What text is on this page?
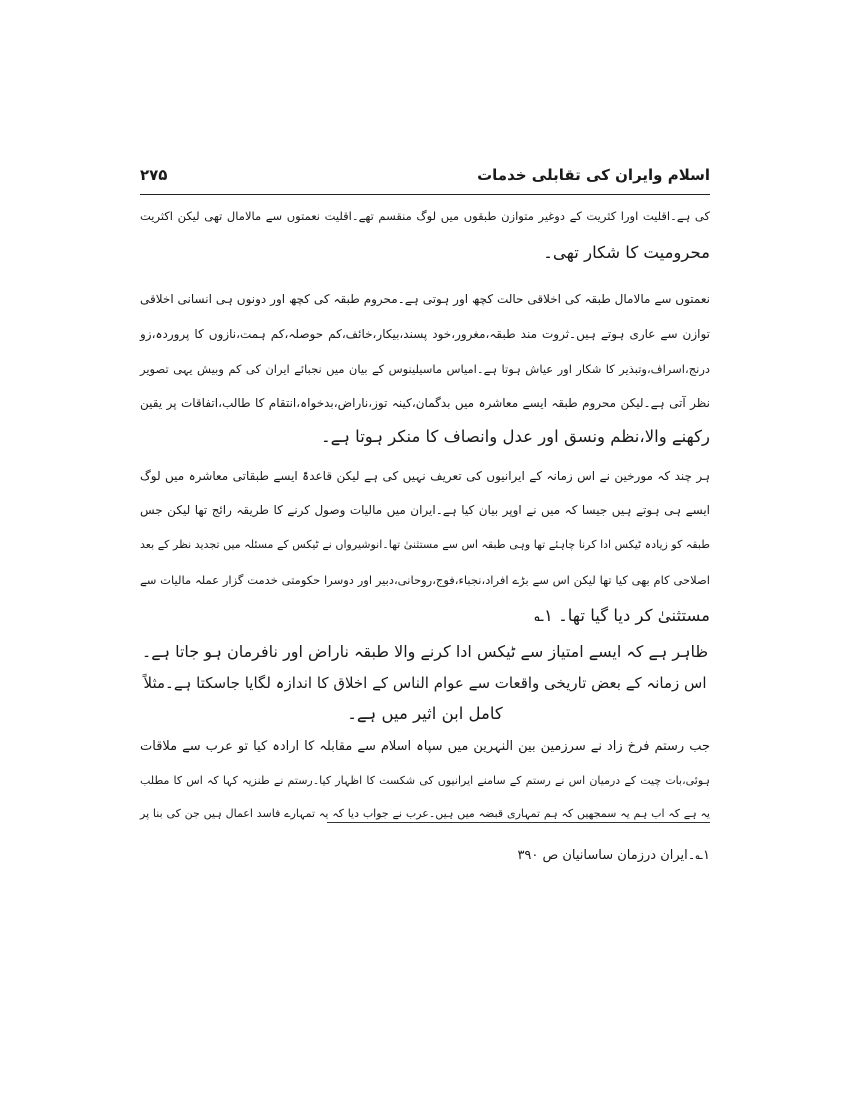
اسلام وایران کی تقابلی خدمات
۲۷۵
کی ہے۔اقلیت اورا کثریت کے دوغیر متوازن طبقوں میں لوگ منقسم تھے۔اقلیت نعمتوں سے مالامال تھی لیکن اکثریت
محرومیت کا شکار تھی۔
نعمتوں سے مالامال طبقہ کی اخلاقی حالت کچھ اور ہوتی ہے۔محروم طبقہ کی کچھ اور دونوں ہی انسانی اخلاقی
توازن سے عاری ہوتے ہیں۔ثروت مند طبقہ،مغرور،خود پسند،بیکار،خائف،کم حوصلہ،کم ہمت،نازوں کا پروردہ،زو
درنج،اسراف،وتبذیر کا شکار اور عیاش ہوتا ہے۔امیاس ماسیلینوس کے بیان میں نجبائے ایران کی کم وبیش یہی تصویر
نظر آتی ہے۔لیکن محروم طبقہ ایسے معاشرہ میں بدگمان،کینہ توز،ناراض،بدخواہ،انتقام کا طالب،اتفاقات پر یقین
رکھنے والا،نظم ونسق اور عدل وانصاف کا منکر ہوتا ہے۔
ہر چند کہ مورخین نے اس زمانہ کے ایرانیوں کی تعریف نہیں کی ہے لیکن قاعدۃً ایسے طبقاتی معاشرہ میں لوگ
ایسے ہی ہوتے ہیں جیسا کہ میں نے اوپر بیان کیا ہے۔ایران میں مالیات وصول کرنے کا طریقہ رائج تھا لیکن جس
طبقہ کو زیادہ ٹیکس ادا کرنا چاہئے تھا وہی طبقہ اس سے مستثنیٰ تھا۔انوشیرواں نے ٹیکس کے مسئلہ میں تجدید نظر کے بعد
اصلاحی کام بھی کیا تھا لیکن اس سے بڑے افراد،نجباء،فوج،روحانی،دبیر اور دوسرا حکومتی خدمت گزار عملہ مالیات سے
مستثنیٰ کر دیا گیا تھا۔ ۱؎
ظاہر ہے کہ ایسے امتیاز سے ٹیکس ادا کرنے والا طبقہ ناراض اور نافرمان ہو جاتا ہے۔
اس زمانہ کے بعض تاریخی واقعات سے عوام الناس کے اخلاق کا اندازہ لگایا جاسکتا ہے۔مثلاً
کامل ابن اثیر میں ہے۔
جب رستم فرخ زاد نے سرزمین بین النہرین میں سپاہ اسلام سے مقابلہ کا ارادہ کیا تو عرب سے ملاقات
ہوئی،بات چیت کے درمیان اس نے رستم کے سامنے ایرانیوں کی شکست کا اظہار کیا۔رستم نے طنزیہ کہا کہ اس کا مطلب
یہ ہے کہ اب ہم یہ سمجھیں کہ ہم تمہاری قبضہ میں ہیں۔عرب نے جواب دیا کہ یہ تمہارے فاسد اعمال ہیں جن کی بنا پر
۱؎۔ایران درزمان ساسانیان ص ۳۹۰
